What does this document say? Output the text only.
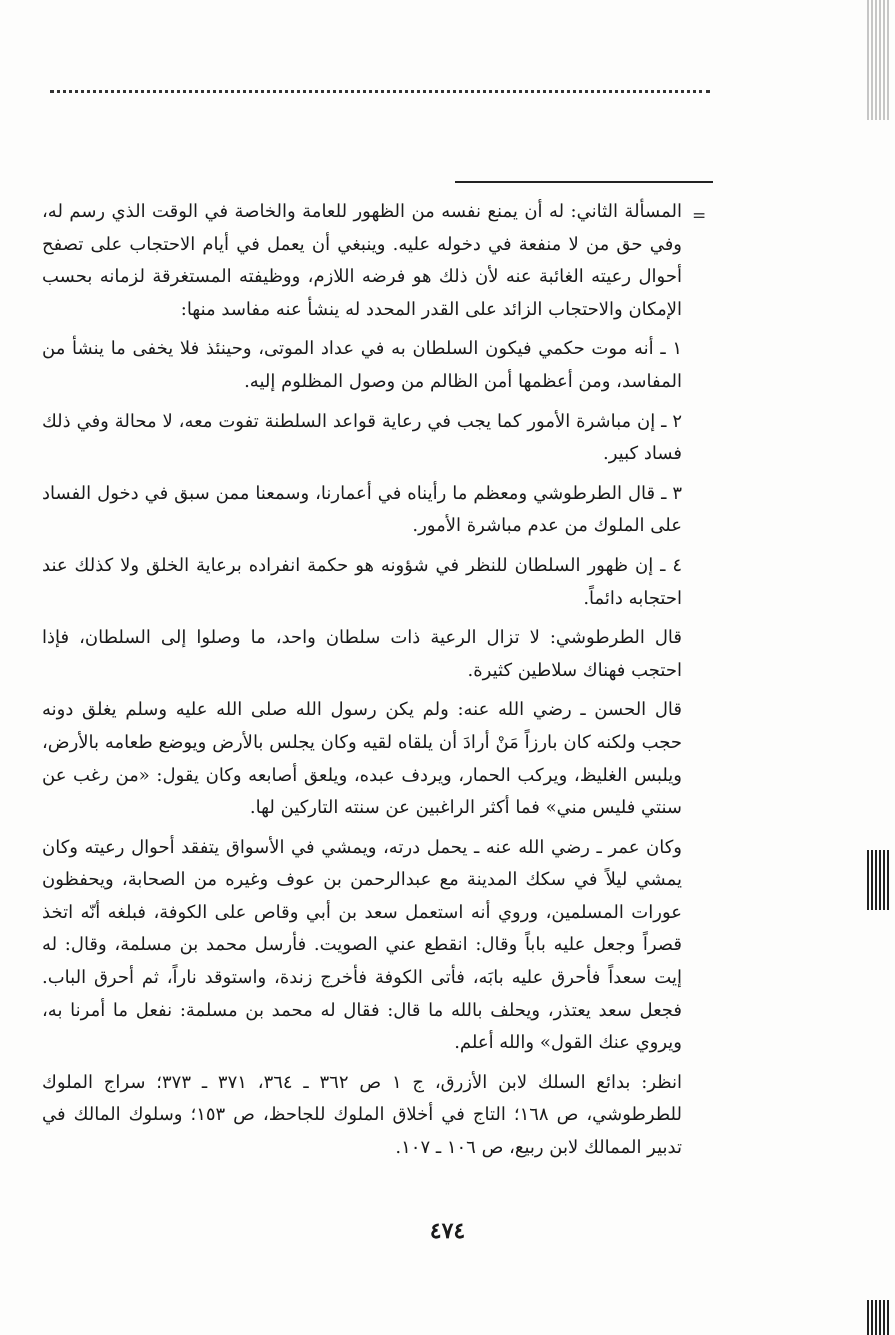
=

المسألة الثاني: له أن يمنع نفسه من الظهور للعامة والخاصة في الوقت الذي رسم له، وفي حق من لا منفعة في دخوله عليه. وينبغي أن يعمل في أيام الاحتجاب على تصفح أحوال رعيته الغائبة عنه لأن ذلك هو فرضه اللازم، ووظيفته المستغرقة لزمانه بحسب الإمكان والاحتجاب الزائد على القدر المحدد له ينشأ عنه مفاسد منها:

١ ـ أنه موت حكمي فيكون السلطان به في عداد الموتى، وحينئذ فلا يخفى ما ينشأ من المفاسد، ومن أعظمها أمن الظالم من وصول المظلوم إليه.

٢ ـ إن مباشرة الأمور كما يجب في رعاية قواعد السلطنة تفوت معه، لا محالة وفي ذلك فساد كبير.

٣ ـ قال الطرطوشي ومعظم ما رأيناه في أعمارنا، وسمعنا ممن سبق في دخول الفساد على الملوك من عدم مباشرة الأمور.

٤ ـ إن ظهور السلطان للنظر في شؤونه هو حكمة انفراده برعاية الخلق ولا كذلك عند احتجابه دائماً.

قال الطرطوشي: لا تزال الرعية ذات سلطان واحد، ما وصلوا إلى السلطان، فإذا احتجب فهناك سلاطين كثيرة.

قال الحسن ـ رضي الله عنه: ولم يكن رسول الله صلى الله عليه وسلم يغلق دونه حجب ولكنه كان بارزاً مَنْ أرادَ أن يلقاه لقيه وكان يجلس بالأرض ويوضع طعامه بالأرض، ويلبس الغليظ، ويركب الحمار، ويردف عبده، ويلعق أصابعه وكان يقول: «من رغب عن سنتي فليس مني» فما أكثر الراغبين عن سنته التاركين لها.

وكان عمر ـ رضي الله عنه ـ يحمل درته، ويمشي في الأسواق يتفقد أحوال رعيته وكان يمشي ليلاً في سكك المدينة مع عبدالرحمن بن عوف وغيره من الصحابة، ويحفظون عورات المسلمين، وروي أنه استعمل سعد بن أبي وقاص على الكوفة، فبلغه أنّه اتخذ قصراً وجعل عليه باباً وقال: انقطع عني الصويت. فأرسل محمد بن مسلمة، وقال: له إيت سعداً فأحرق عليه بابَه، فأتى الكوفة فأخرج زندة، واستوقد ناراً، ثم أحرق الباب. فجعل سعد يعتذر، ويحلف بالله ما قال: فقال له محمد بن مسلمة: نفعل ما أمرنا به، ويروي عنك القول» والله أعلم.

انظر: بدائع السلك لابن الأزرق، ج ١ ص ٣٦٢ ـ ٣٦٤، ٣٧١ ـ ٣٧٣؛ سراج الملوك للطرطوشي، ص ١٦٨؛ التاج في أخلاق الملوك للجاحظ، ص ١٥٣؛ وسلوك المالك في تدبير الممالك لابن ربيع، ص ١٠٦ ـ ١٠٧.

٤٧٤
